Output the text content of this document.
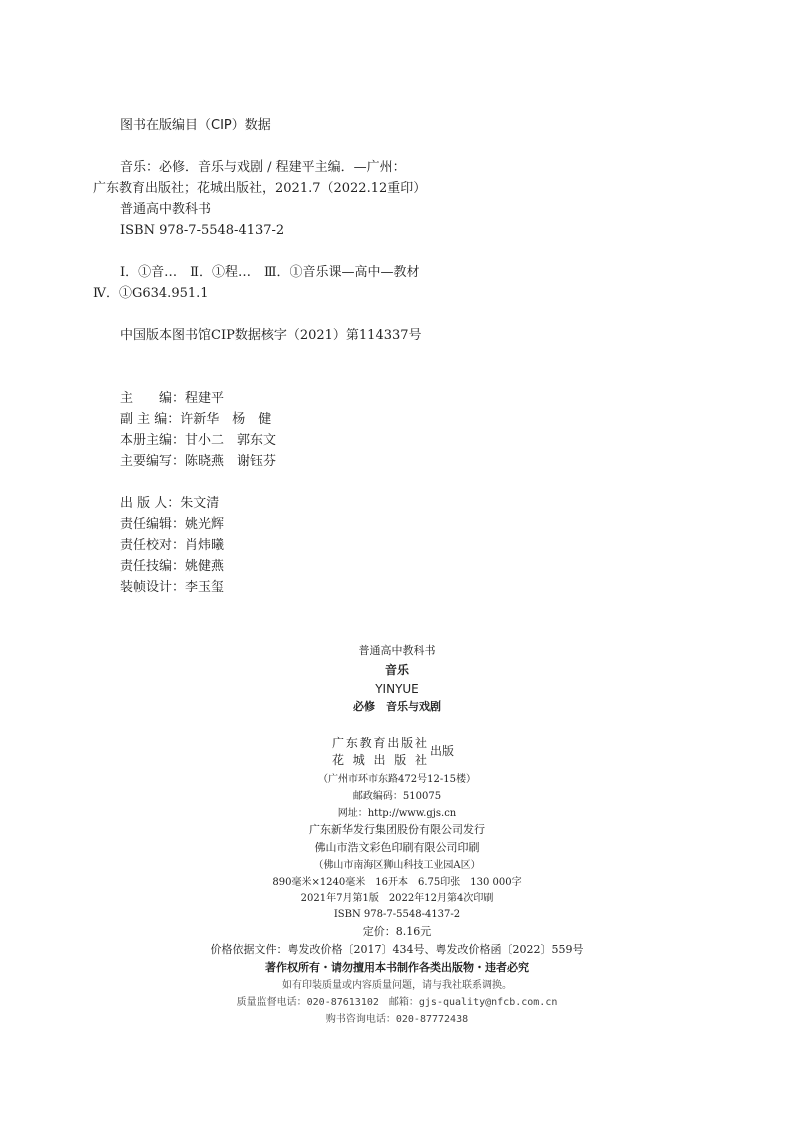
图书在版编目（CIP）数据
音乐：必修．音乐与戏剧 / 程建平主编．—广州：
广东教育出版社；花城出版社，2021.7（2022.12重印）
普通高中教科书
ISBN 978-7-5548-4137-2
Ⅰ．①音…　Ⅱ．①程…　Ⅲ．①音乐课—高中—教材
Ⅳ．①G634.951.1
中国版本图书馆CIP数据核字（2021）第114337号
主　　编：程建平
副 主 编：许新华　杨　健
本册主编：甘小二　郭东文
主要编写：陈晓燕　谢钰芬
出 版 人：朱文清
责任编辑：姚光辉
责任校对：肖炜曦
责任技编：姚健燕
装帧设计：李玉玺
普通高中教科书
音乐
YINYUE
必修　音乐与戏剧
广东教育出版社
花城出版社
出版
（广州市环市东路472号12-15楼）
邮政编码：510075
网址：http://www.gjs.cn
广东新华发行集团股份有限公司发行
佛山市浩文彩色印刷有限公司印刷
（佛山市南海区狮山科技工业园A区）
890毫米×1240毫米　16开本　6.75印张　130 000字
2021年7月第1版　2022年12月第4次印刷
ISBN 978-7-5548-4137-2
定价：8.16元
价格依据文件：粤发改价格〔2017〕434号、粤发改价格函〔2022〕559号
著作权所有・请勿擅用本书制作各类出版物・违者必究
如有印装质量或内容质量问题，请与我社联系调换。
质量监督电话：020-87613102　邮箱：gjs-quality@nfcb.com.cn
购书咨询电话：020-87772438
